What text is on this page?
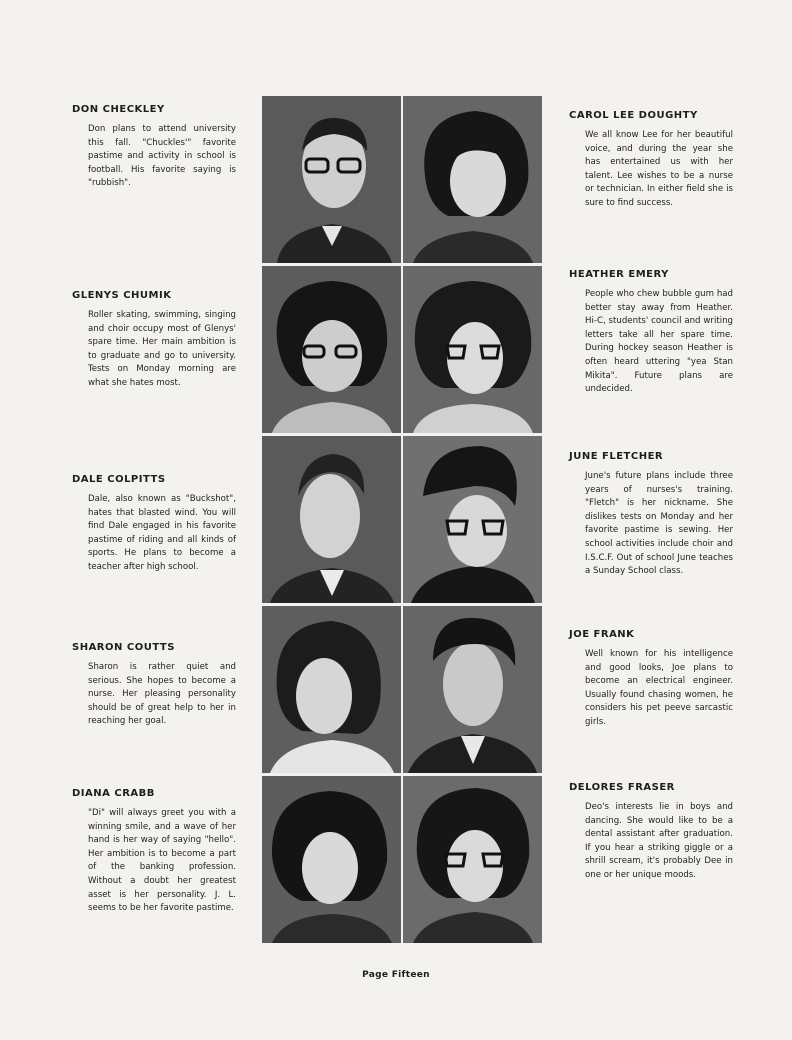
DON CHECKLEY
Don plans to attend university this fall. "Chuckles'" favorite pastime and activity in school is football. His favorite saying is "rubbish".
GLENYS CHUMIK
Roller skating, swimming, singing and choir occupy most of Glenys' spare time. Her main ambition is to graduate and go to university. Tests on Monday morning are what she hates most.
DALE COLPITTS
Dale, also known as "Buckshot", hates that blasted wind. You will find Dale engaged in his favorite pastime of riding and all kinds of sports. He plans to become a teacher after high school.
SHARON COUTTS
Sharon is rather quiet and serious. She hopes to become a nurse. Her pleasing personality should be of great help to her in reaching her goal.
DIANA CRABB
"Di" will always greet you with a winning smile, and a wave of her hand is her way of saying "hello". Her ambition is to become a part of the banking profession. Without a doubt her greatest asset is her personality. J. L. seems to be her favorite pastime.
CAROL LEE DOUGHTY
We all know Lee for her beautiful voice, and during the year she has entertained us with her talent. Lee wishes to be a nurse or technician. In either field she is sure to find success.
HEATHER EMERY
People who chew bubble gum had better stay away from Heather. Hi-C, students' council and writing letters take all her spare time. During hockey season Heather is often heard uttering "yea Stan Mikita". Future plans are undecided.
JUNE FLETCHER
June's future plans include three years of nurses's training. "Fletch" is her nickname. She dislikes tests on Monday and her favorite pastime is sewing. Her school activities include choir and I.S.C.F. Out of school June teaches a Sunday School class.
JOE FRANK
Well known for his intelligence and good looks, Joe plans to become an electrical engineer. Usually found chasing women, he considers his pet peeve sarcastic girls.
DELORES FRASER
Deo's interests lie in boys and dancing. She would like to be a dental assistant after graduation. If you hear a striking giggle or a shrill scream, it's probably Dee in one or her unique moods.
Page Fifteen
